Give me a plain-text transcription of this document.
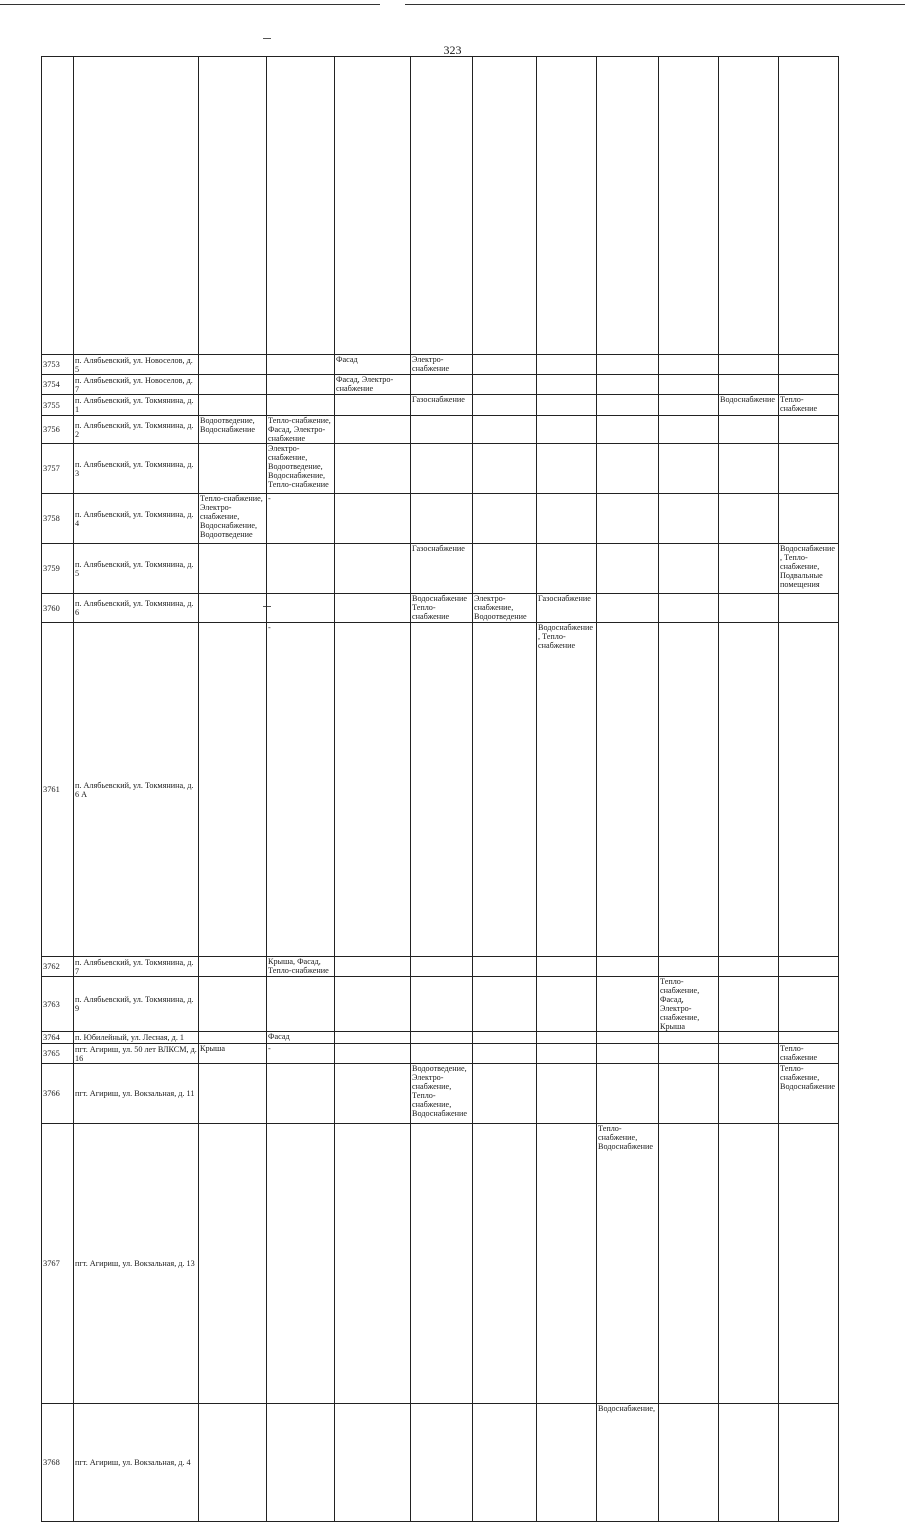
323

3753	п. Алябьевский, ул. Новоселов, д. 5			Фасад	Электро-снабжение								
3754	п. Алябьевский, ул. Новоселов, д. 7			Фасад, Электро-снабжение									
3755	п. Алябьевский, ул. Токмянина, д. 1				Газоснабжение					Водоснабжение	Тепло-снабжение		
3756	п. Алябьевский, ул. Токмянина, д. 2	Водоотведение, Водоснабжение	Тепло-снабжение, Фасад, Электро-снабжение										
3757	п. Алябьевский, ул. Токмянина, д. 3		Электро-снабжение, Водоотведение, Водоснабжение, Тепло-снабжение										
3758	п. Алябьевский, ул. Токмянина, д. 4	Тепло-снабжение, Электро-снабжение, Водоснабжение, Водоотведение	-										
3759	п. Алябьевский, ул. Токмянина, д. 5				Газоснабжение						Водоснабжение, Тепло-снабжение, Подвальные помещения		
3760	п. Алябьевский, ул. Токмянина, д. 6				Водоснабжение Тепло-снабжение	Электро-снабжение, Водоотведение	Газоснабжение						
3761	п. Алябьевский, ул. Токмянина, д. 6 А		-				Водоснабжение, Тепло-снабжение						
3762	п. Алябьевский, ул. Токмянина, д. 7		Крыша, Фасад, Тепло-снабжение										
3763	п. Алябьевский, ул. Токмянина, д. 9								Тепло-снабжение, Фасад, Электро-снабжение, Крыша				
3764	п. Юбилейный, ул. Лесная, д. 1		Фасад										
3765	пгт. Агириш, ул. 50 лет ВЛКСМ, д. 16	Крыша	-								Тепло-снабжение		
3766	пгт. Агириш, ул. Вокзальная, д. 11				Водоотведение, Электро-снабжение, Тепло-снабжение, Водоснабжение						Тепло-снабжение, Водоснабжение		
3767	пгт. Агириш, ул. Вокзальная, д. 13							Тепло-снабжение, Водоснабжение					
3768	пгт. Агириш, ул. Вокзальная, д. 4							Водоснабжение,					
